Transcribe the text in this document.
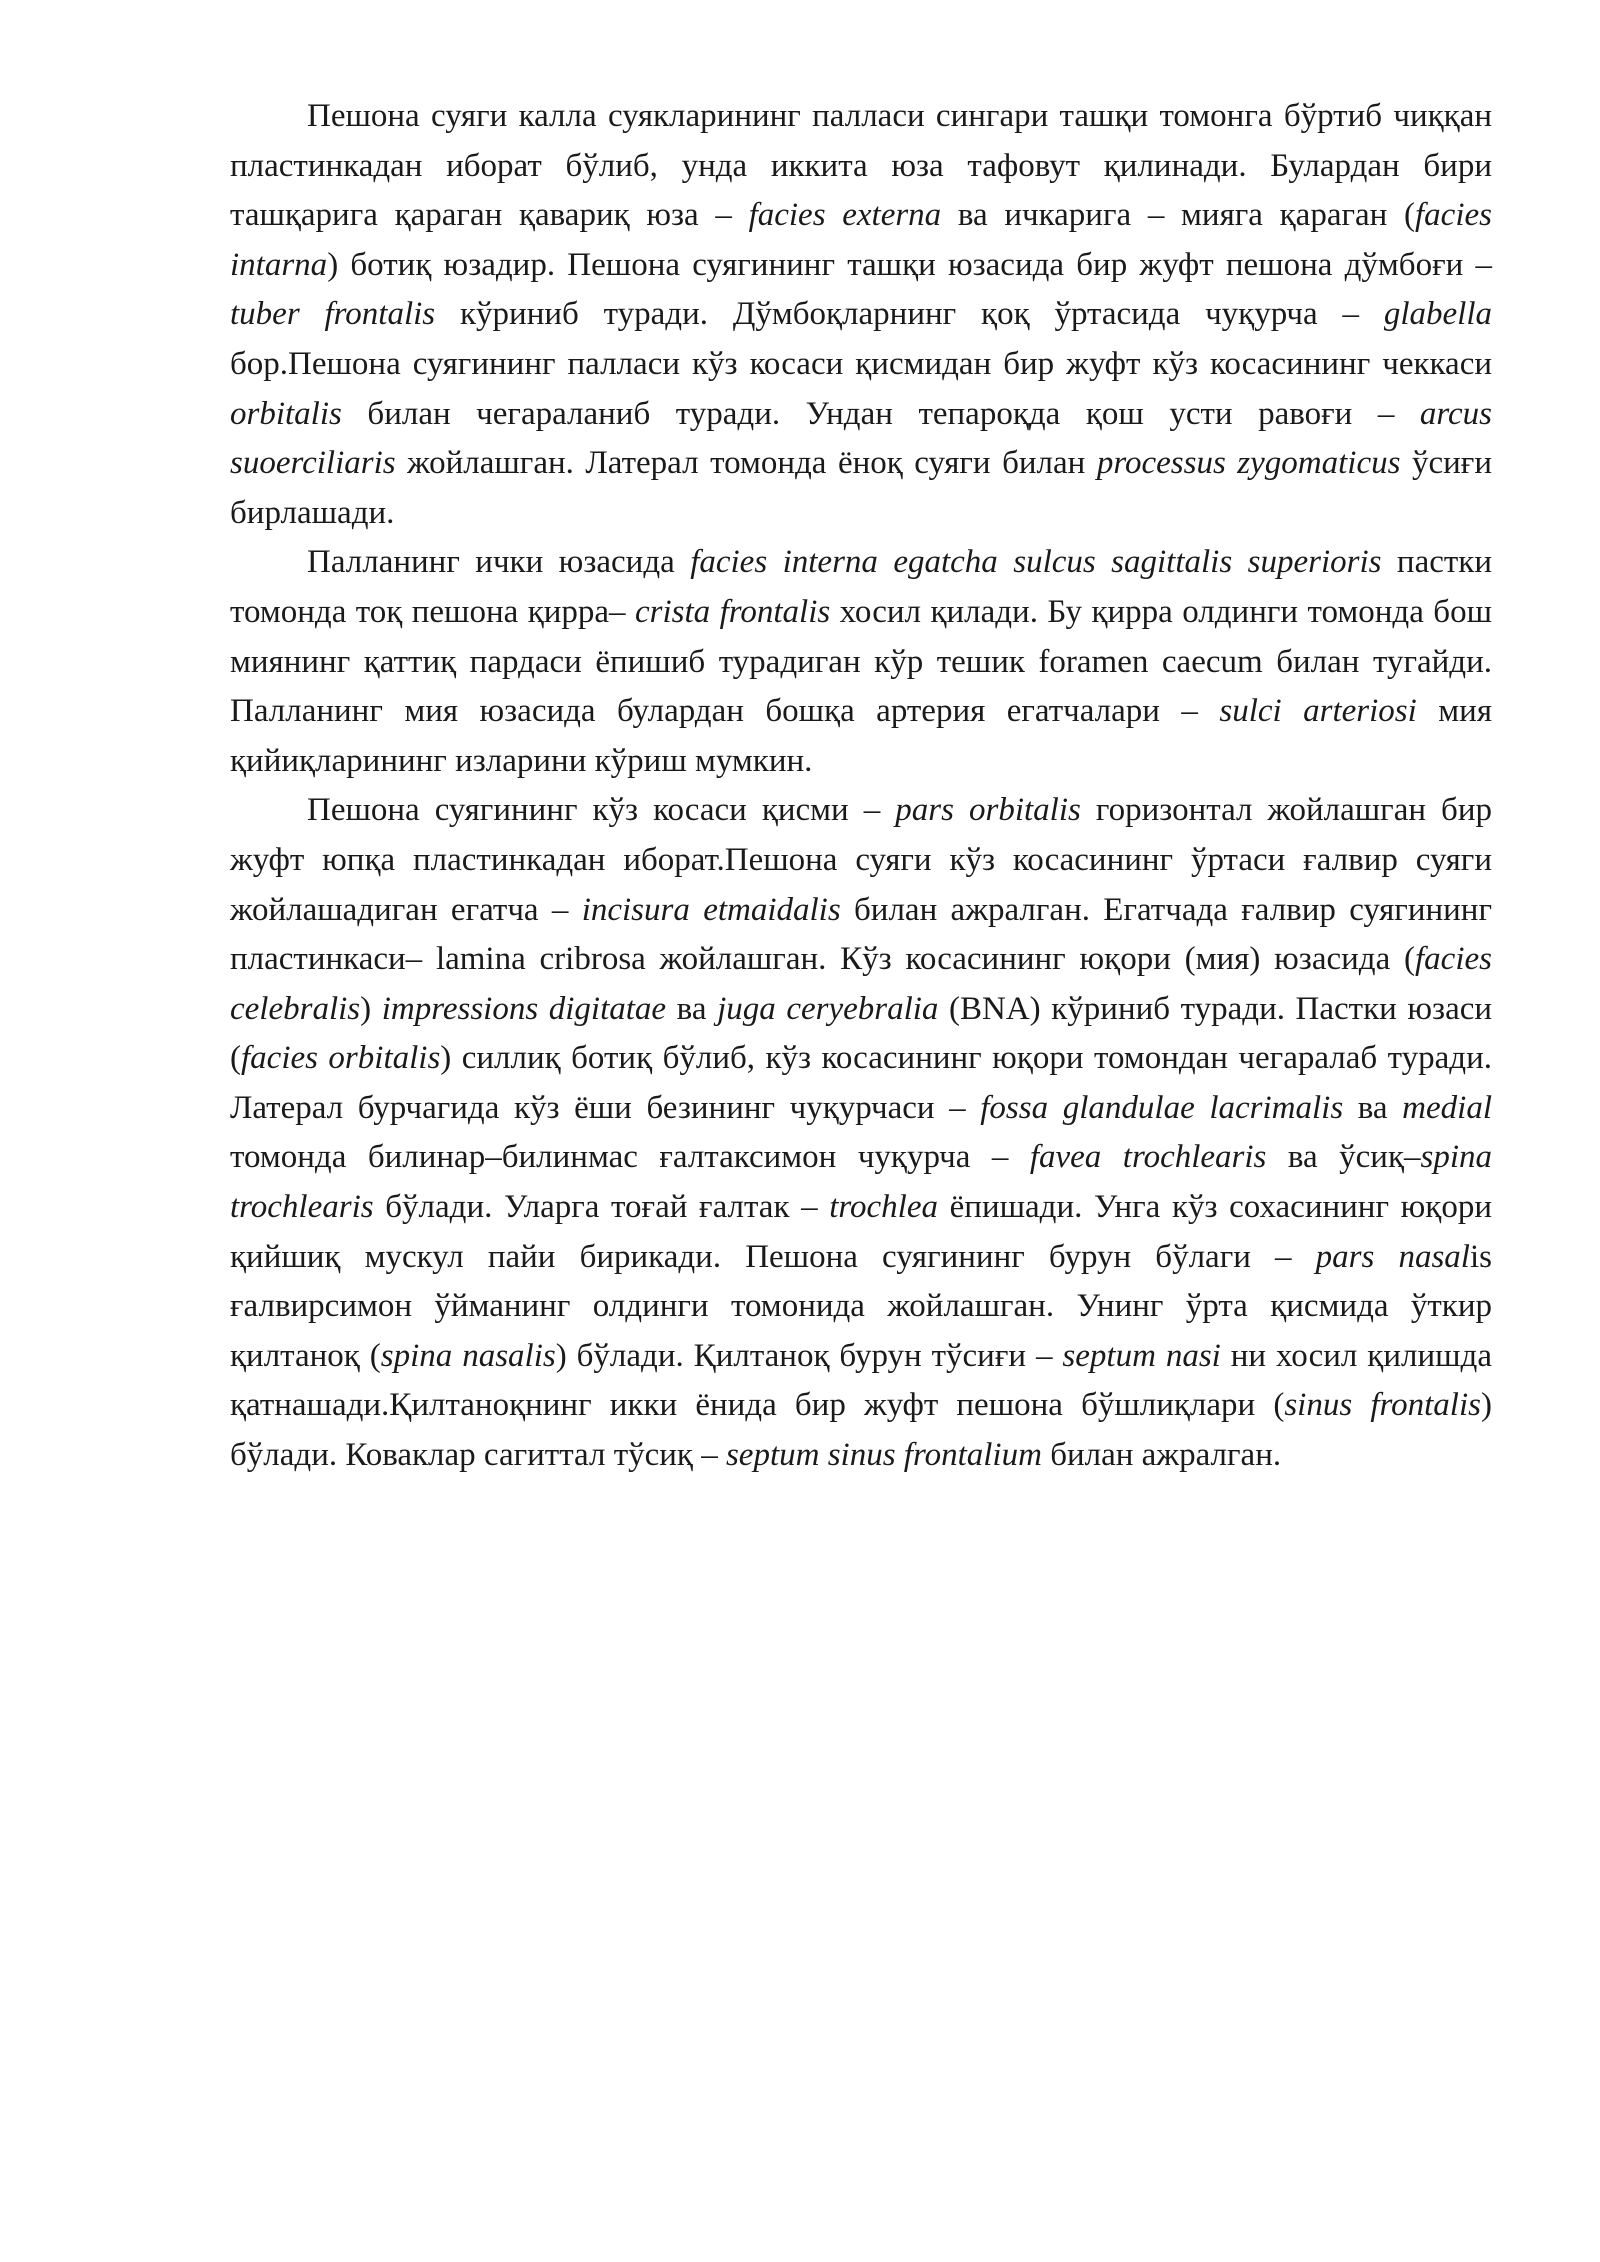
Пешона суяги калла суякларининг палласи сингари ташқи томонга бўртиб чиққан пластинкадан иборат бўлиб, унда иккита юза тафовут қилинади. Булардан бири ташқарига қараган қавариқ юза – facies externa ва ичкарига – мияга қараган (facies intarna) ботиқ юзадир. Пешона суягининг ташқи юзасида бир жуфт пешона дўмбоғи – tuber frontalis кўриниб туради. Дўмбоқларнинг қоқ ўртасида чуқурча – glabella бор.Пешона суягининг палласи кўз косаси қисмидан бир жуфт кўз косасининг чеккаси orbitalis билан чегараланиб туради. Ундан тепароқда қош усти равоғи – arcus suoerciliaris жойлашган. Латерал томонда ёноқ суяги билан processus zygomaticus ўсиғи бирлашади.

Палланинг ички юзасида facies interna egatcha sulcus sagittalis superioris пастки томонда тоқ пешона қирра– crista frontalis хосил қилади. Бу қирра олдинги томонда бош миянинг қаттиқ пардаси ёпишиб турадиган кўр тешик foramen caecum билан тугайди. Палланинг мия юзасида булардан бошқа артерия егатчалари – sulci arteriosi мия қийиқларининг изларини кўриш мумкин.

Пешона суягининг кўз косаси қисми – pars orbitalis горизонтал жойлашган бир жуфт юпқа пластинкадан иборат.Пешона суяги кўз косасининг ўртаси ғалвир суяги жойлашадиган егатча – incisura etmaidalis билан ажралган. Егатчада ғалвир суягининг пластинкаси– lamina cribrosa жойлашган. Кўз косасининг юқори (мия) юзасида (facies celebralis) impressions digitatae ва juga ceryebralia (BNA) кўриниб туради. Пастки юзаси (facies orbitalis) силлиқ ботиқ бўлиб, кўз косасининг юқори томондан чегаралаб туради. Латерал бурчагида кўз ёши безининг чуқурчаси – fossa glandulae lacrimalis ва medial томонда билинар–билинмас ғалтаксимон чуқурча – favea trochlearis ва ўсиқ–spina trochlearis бўлади. Уларга тоғай ғалтак – trochlea ёпишади. Унга кўз сохасининг юқори қийшиқ мускул пайи бирикади. Пешона суягининг бурун бўлаги – pars nasalis ғалвирсимон ўйманинг олдинги томонида жойлашган. Унинг ўрта қисмида ўткир қилтаноқ (spina nasalis) бўлади. Қилтаноқ бурун тўсиғи – septum nasi ни хосил қилишда қатнашади.Қилтаноқнинг икки ёнида бир жуфт пешона бўшлиқлари (sinus frontalis) бўлади. Коваклар сагиттал тўсиқ – septum sinus frontalium билан ажралган.
